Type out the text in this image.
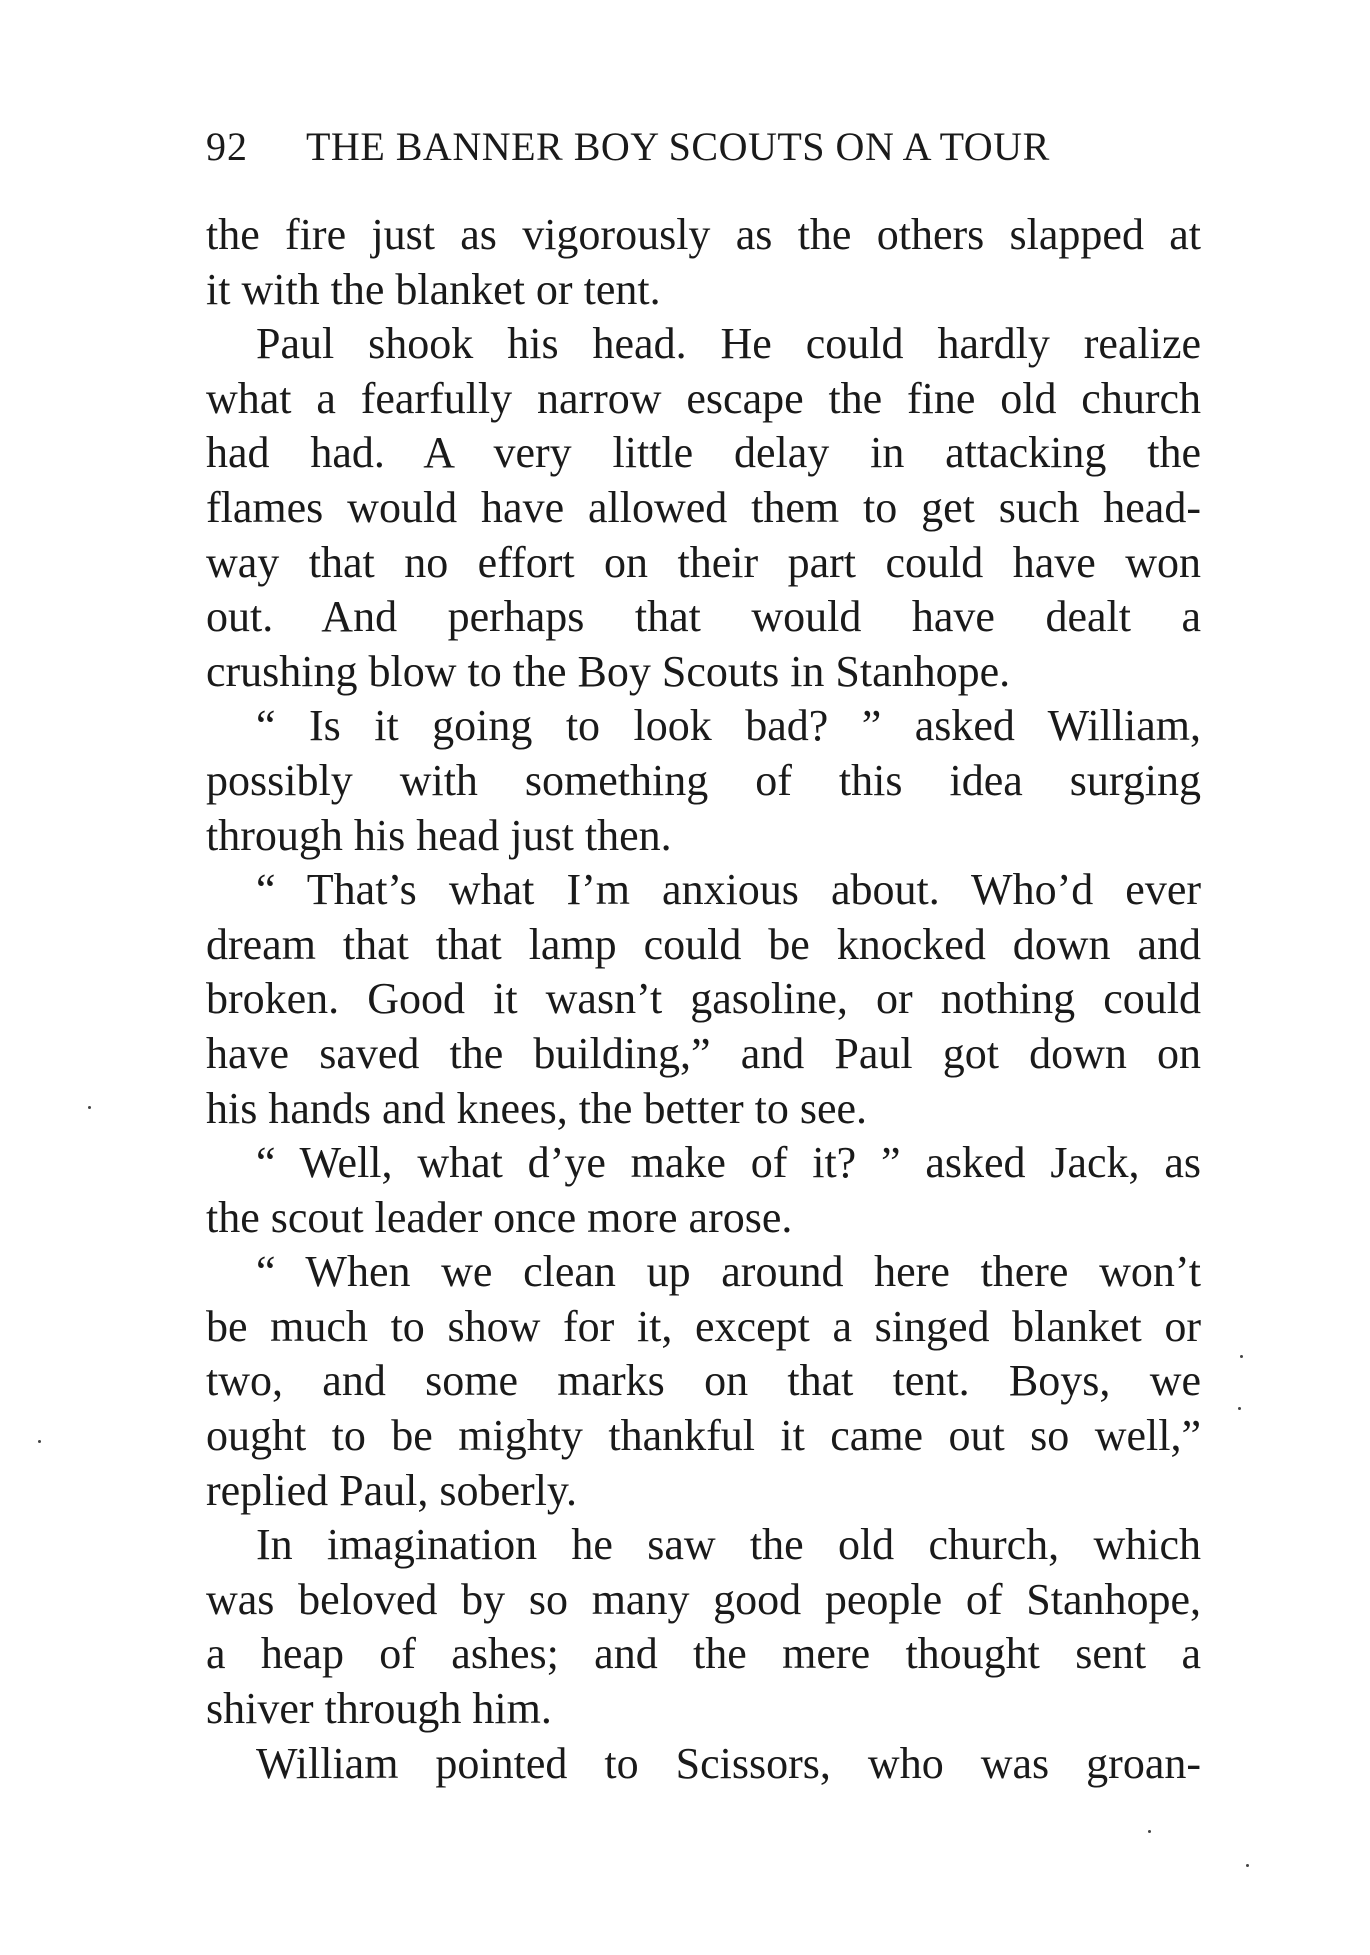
92 THE BANNER BOY SCOUTS ON A TOUR
the fire just as vigorously as the others slapped at
it with the blanket or tent.
Paul shook his head. He could hardly realize
what a fearfully narrow escape the fine old church
had had. A very little delay in attacking the
flames would have allowed them to get such head-
way that no effort on their part could have won
out. And perhaps that would have dealt a
crushing blow to the Boy Scouts in Stanhope.
“ Is it going to look bad? ” asked William,
possibly with something of this idea surging
through his head just then.
“ That’s what I’m anxious about. Who’d ever
dream that that lamp could be knocked down and
broken. Good it wasn’t gasoline, or nothing could
have saved the building,” and Paul got down on
his hands and knees, the better to see.
“ Well, what d’ye make of it? ” asked Jack, as
the scout leader once more arose.
“ When we clean up around here there won’t
be much to show for it, except a singed blanket or
two, and some marks on that tent. Boys, we
ought to be mighty thankful it came out so well,”
replied Paul, soberly.
In imagination he saw the old church, which
was beloved by so many good people of Stanhope,
a heap of ashes; and the mere thought sent a
shiver through him.
William pointed to Scissors, who was groan-
